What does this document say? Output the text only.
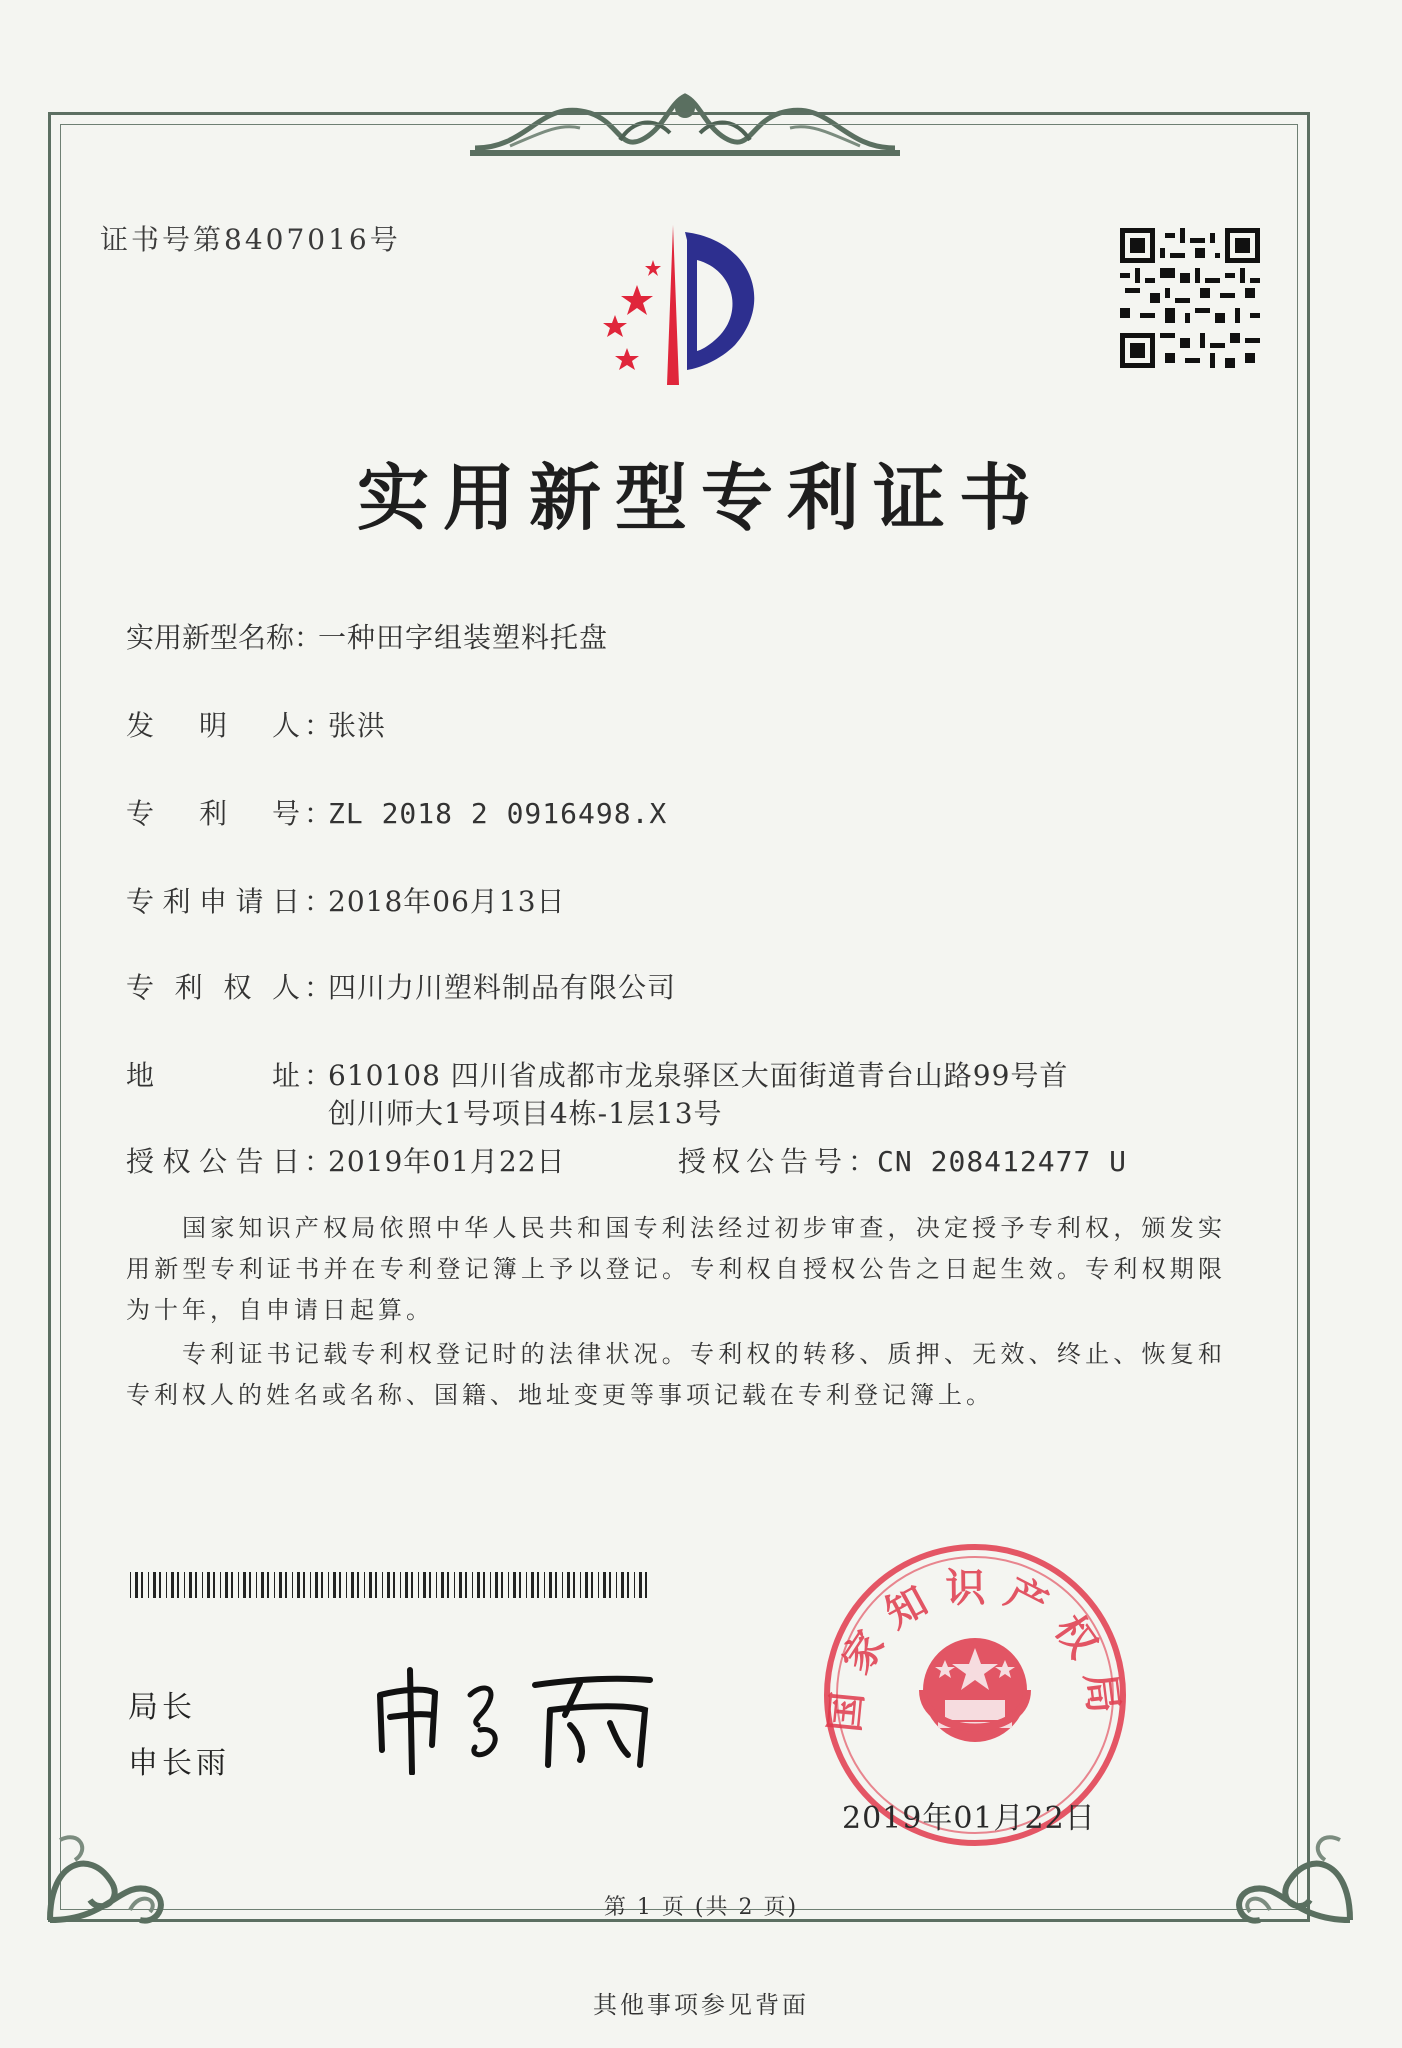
证书号第8407016号
实用新型专利证书
实用新型名称：一种田字组装塑料托盘
发 明 人 ：张洪
专 利 号 ：ZL 2018 2 0916498.X
专 利 申 请 日 ：2018年06月13日
专 利 权 人 ：四川力川塑料制品有限公司
地	址 ：610108 四川省成都市龙泉驿区大面街道青台山路99号首
创川师大1号项目4栋-1层13号
授 权 公 告 日 ：2019年01月22日	授权公告号：CN 208412477 U
国家知识产权局依照中华人民共和国专利法经过初步审查，决定授予专利权，颁发实用新型专利证书并在专利登记簿上予以登记。专利权自授权公告之日起生效。专利权期限为十年，自申请日起算。
专利证书记载专利权登记时的法律状况。专利权的转移、质押、无效、终止、恢复和专利权人的姓名或名称、国籍、地址变更等事项记载在专利登记簿上。
局长
申长雨
国家知识产权局
2019年01月22日
第 1 页 (共 2 页)
其他事项参见背面
